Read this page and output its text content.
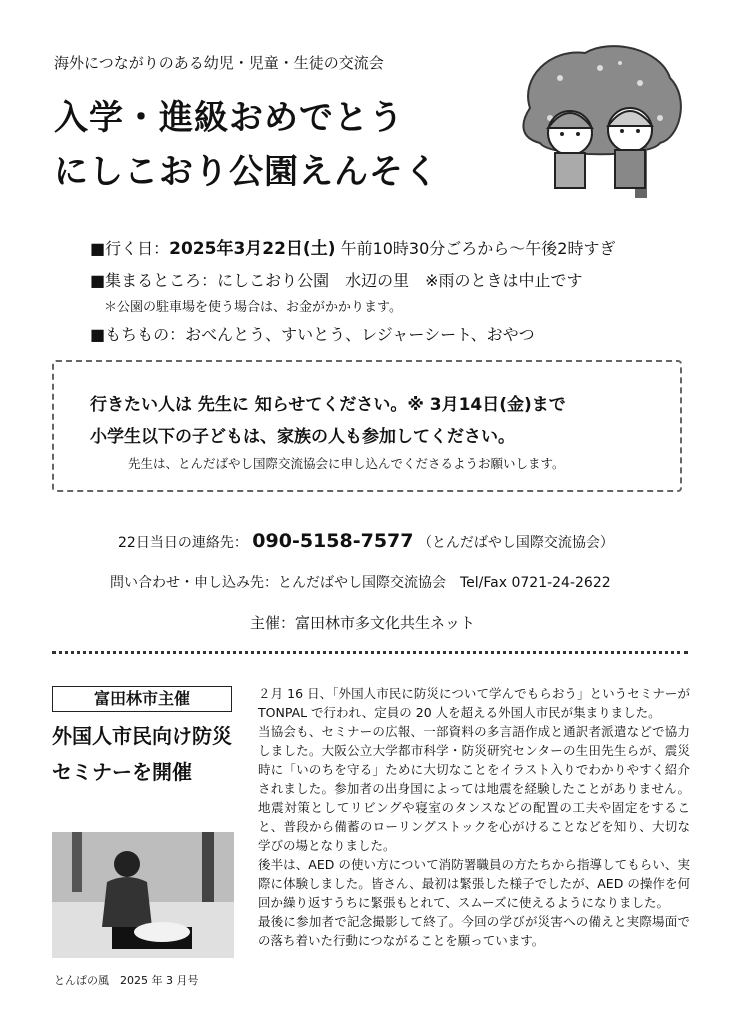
海外につながりのある幼児・児童・生徒の交流会
入学・進級おめでとう
にしこおり公園えんそく
■行く日：2025年3月22日(土) 午前10時30分ごろから～午後2時すぎ
■集まるところ：にしこおり公園　水辺の里　※雨のときは中止です
＊公園の駐車場を使う場合は、お金がかかります。
■もちもの：おべんとう、すいとう、レジャーシート、おやつ
行きたい人は 先生に 知らせてください。※ 3月14日(金)まで
小学生以下の子どもは、家族の人も参加してください。
先生は、とんだばやし国際交流協会に申し込んでくださるようお願いします。
22日当日の連絡先： 090-5158-7577 （とんだばやし国際交流協会）
問い合わせ・申し込み先：とんだばやし国際交流協会　Tel/Fax 0721-24-2622
主催：富田林市多文化共生ネット
富田林市主催
外国人市民向け防災セミナーを開催

２月 16 日、「外国人市民に防災について学んでもらおう」というセミナーが TONPAL で行われ、定員の 20 人を超える外国人市民が集まりました。

当協会も、セミナーの広報、一部資料の多言語作成と通訳者派遣などで協力しました。大阪公立大学都市科学・防災研究センターの生田先生らが、震災時に「いのちを守る」ために大切なことをイラスト入りでわかりやすく紹介されました。参加者の出身国によっては地震を経験したことがありません。地震対策としてリビングや寝室のタンスなどの配置の工夫や固定をすること、普段から備蓄のローリングストックを心がけることなどを知り、大切な学びの場となりました。

後半は、AED の使い方について消防署職員の方たちから指導してもらい、実際に体験しました。皆さん、最初は緊張した様子でしたが、AED の操作を何回か繰り返すうちに緊張もとれて、スムーズに使えるようになりました。

最後に参加者で記念撮影して終了。今回の学びが災害への備えと実際場面での落ち着いた行動につながることを願っています。

とんぱの風　2025 年 3 月号
